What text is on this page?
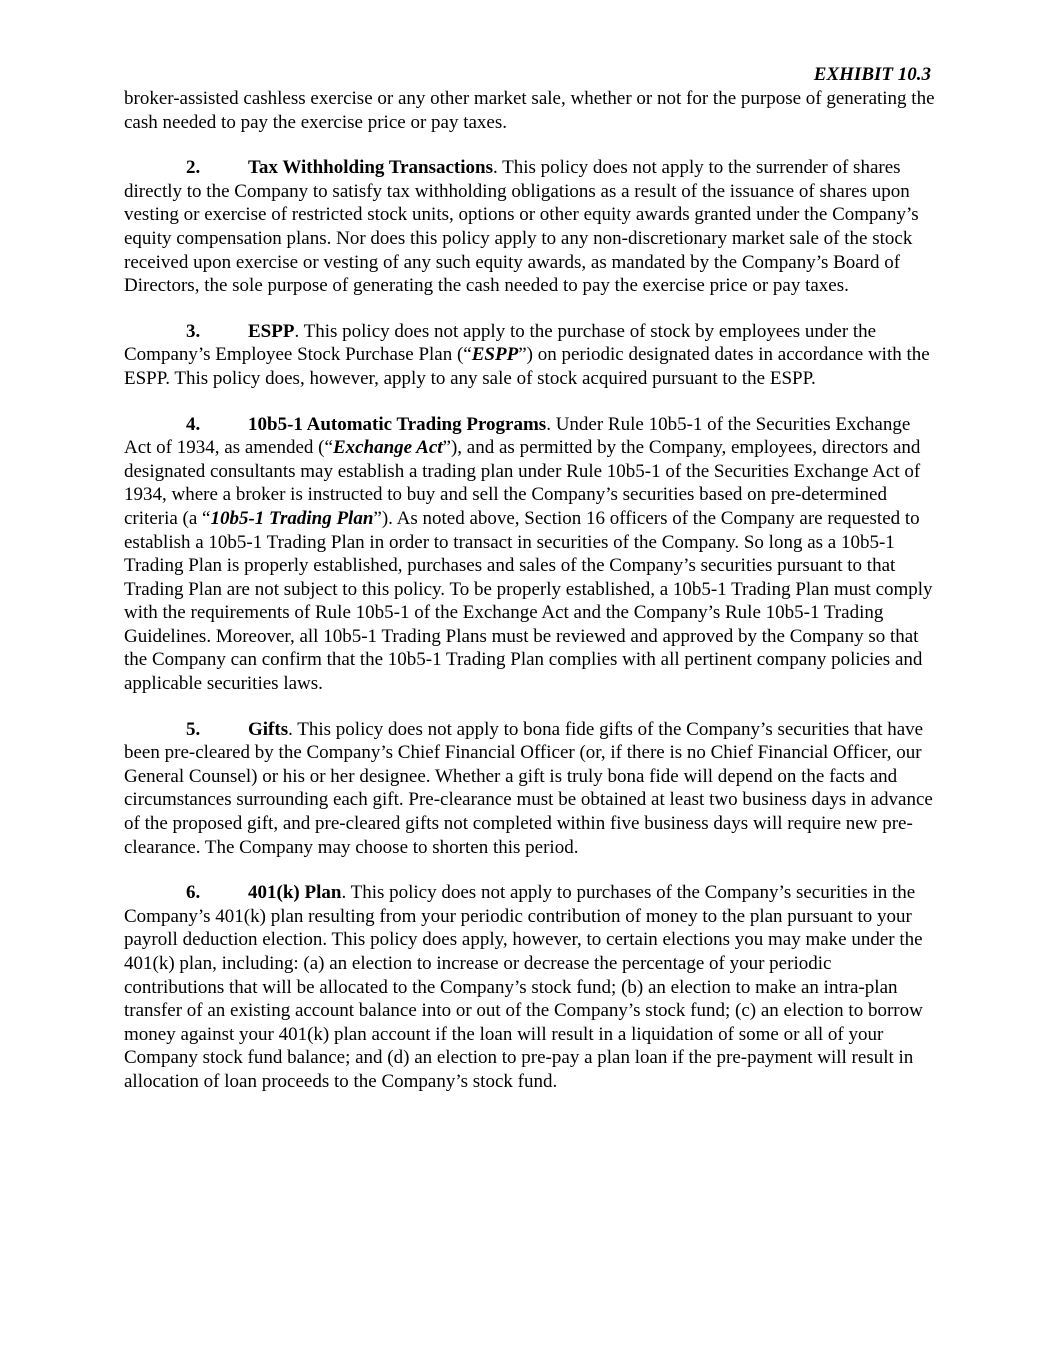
EXHIBIT 10.3

broker-assisted cashless exercise or any other market sale, whether or not for the purpose of generating the cash needed to pay the exercise price or pay taxes.

2.	Tax Withholding Transactions. This policy does not apply to the surrender of shares directly to the Company to satisfy tax withholding obligations as a result of the issuance of shares upon vesting or exercise of restricted stock units, options or other equity awards granted under the Company’s equity compensation plans. Nor does this policy apply to any non-discretionary market sale of the stock received upon exercise or vesting of any such equity awards, as mandated by the Company’s Board of Directors, the sole purpose of generating the cash needed to pay the exercise price or pay taxes.

3.	ESPP. This policy does not apply to the purchase of stock by employees under the Company’s Employee Stock Purchase Plan (“ESPP”) on periodic designated dates in accordance with the ESPP. This policy does, however, apply to any sale of stock acquired pursuant to the ESPP.

4.	10b5-1 Automatic Trading Programs. Under Rule 10b5-1 of the Securities Exchange Act of 1934, as amended (“Exchange Act”), and as permitted by the Company, employees, directors and designated consultants may establish a trading plan under Rule 10b5-1 of the Securities Exchange Act of 1934, where a broker is instructed to buy and sell the Company’s securities based on pre-determined criteria (a “10b5-1 Trading Plan”). As noted above, Section 16 officers of the Company are requested to establish a 10b5-1 Trading Plan in order to transact in securities of the Company. So long as a 10b5-1 Trading Plan is properly established, purchases and sales of the Company’s securities pursuant to that Trading Plan are not subject to this policy. To be properly established, a 10b5-1 Trading Plan must comply with the requirements of Rule 10b5-1 of the Exchange Act and the Company’s Rule 10b5-1 Trading Guidelines. Moreover, all 10b5-1 Trading Plans must be reviewed and approved by the Company so that the Company can confirm that the 10b5-1 Trading Plan complies with all pertinent company policies and applicable securities laws.

5.	Gifts. This policy does not apply to bona fide gifts of the Company’s securities that have been pre-cleared by the Company’s Chief Financial Officer (or, if there is no Chief Financial Officer, our General Counsel) or his or her designee. Whether a gift is truly bona fide will depend on the facts and circumstances surrounding each gift. Pre-clearance must be obtained at least two business days in advance of the proposed gift, and pre-cleared gifts not completed within five business days will require new pre-clearance. The Company may choose to shorten this period.

6.	401(k) Plan. This policy does not apply to purchases of the Company’s securities in the Company’s 401(k) plan resulting from your periodic contribution of money to the plan pursuant to your payroll deduction election. This policy does apply, however, to certain elections you may make under the 401(k) plan, including: (a) an election to increase or decrease the percentage of your periodic contributions that will be allocated to the Company’s stock fund; (b) an election to make an intra-plan transfer of an existing account balance into or out of the Company’s stock fund; (c) an election to borrow money against your 401(k) plan account if the loan will result in a liquidation of some or all of your Company stock fund balance; and (d) an election to pre-pay a plan loan if the pre-payment will result in allocation of loan proceeds to the Company’s stock fund.
